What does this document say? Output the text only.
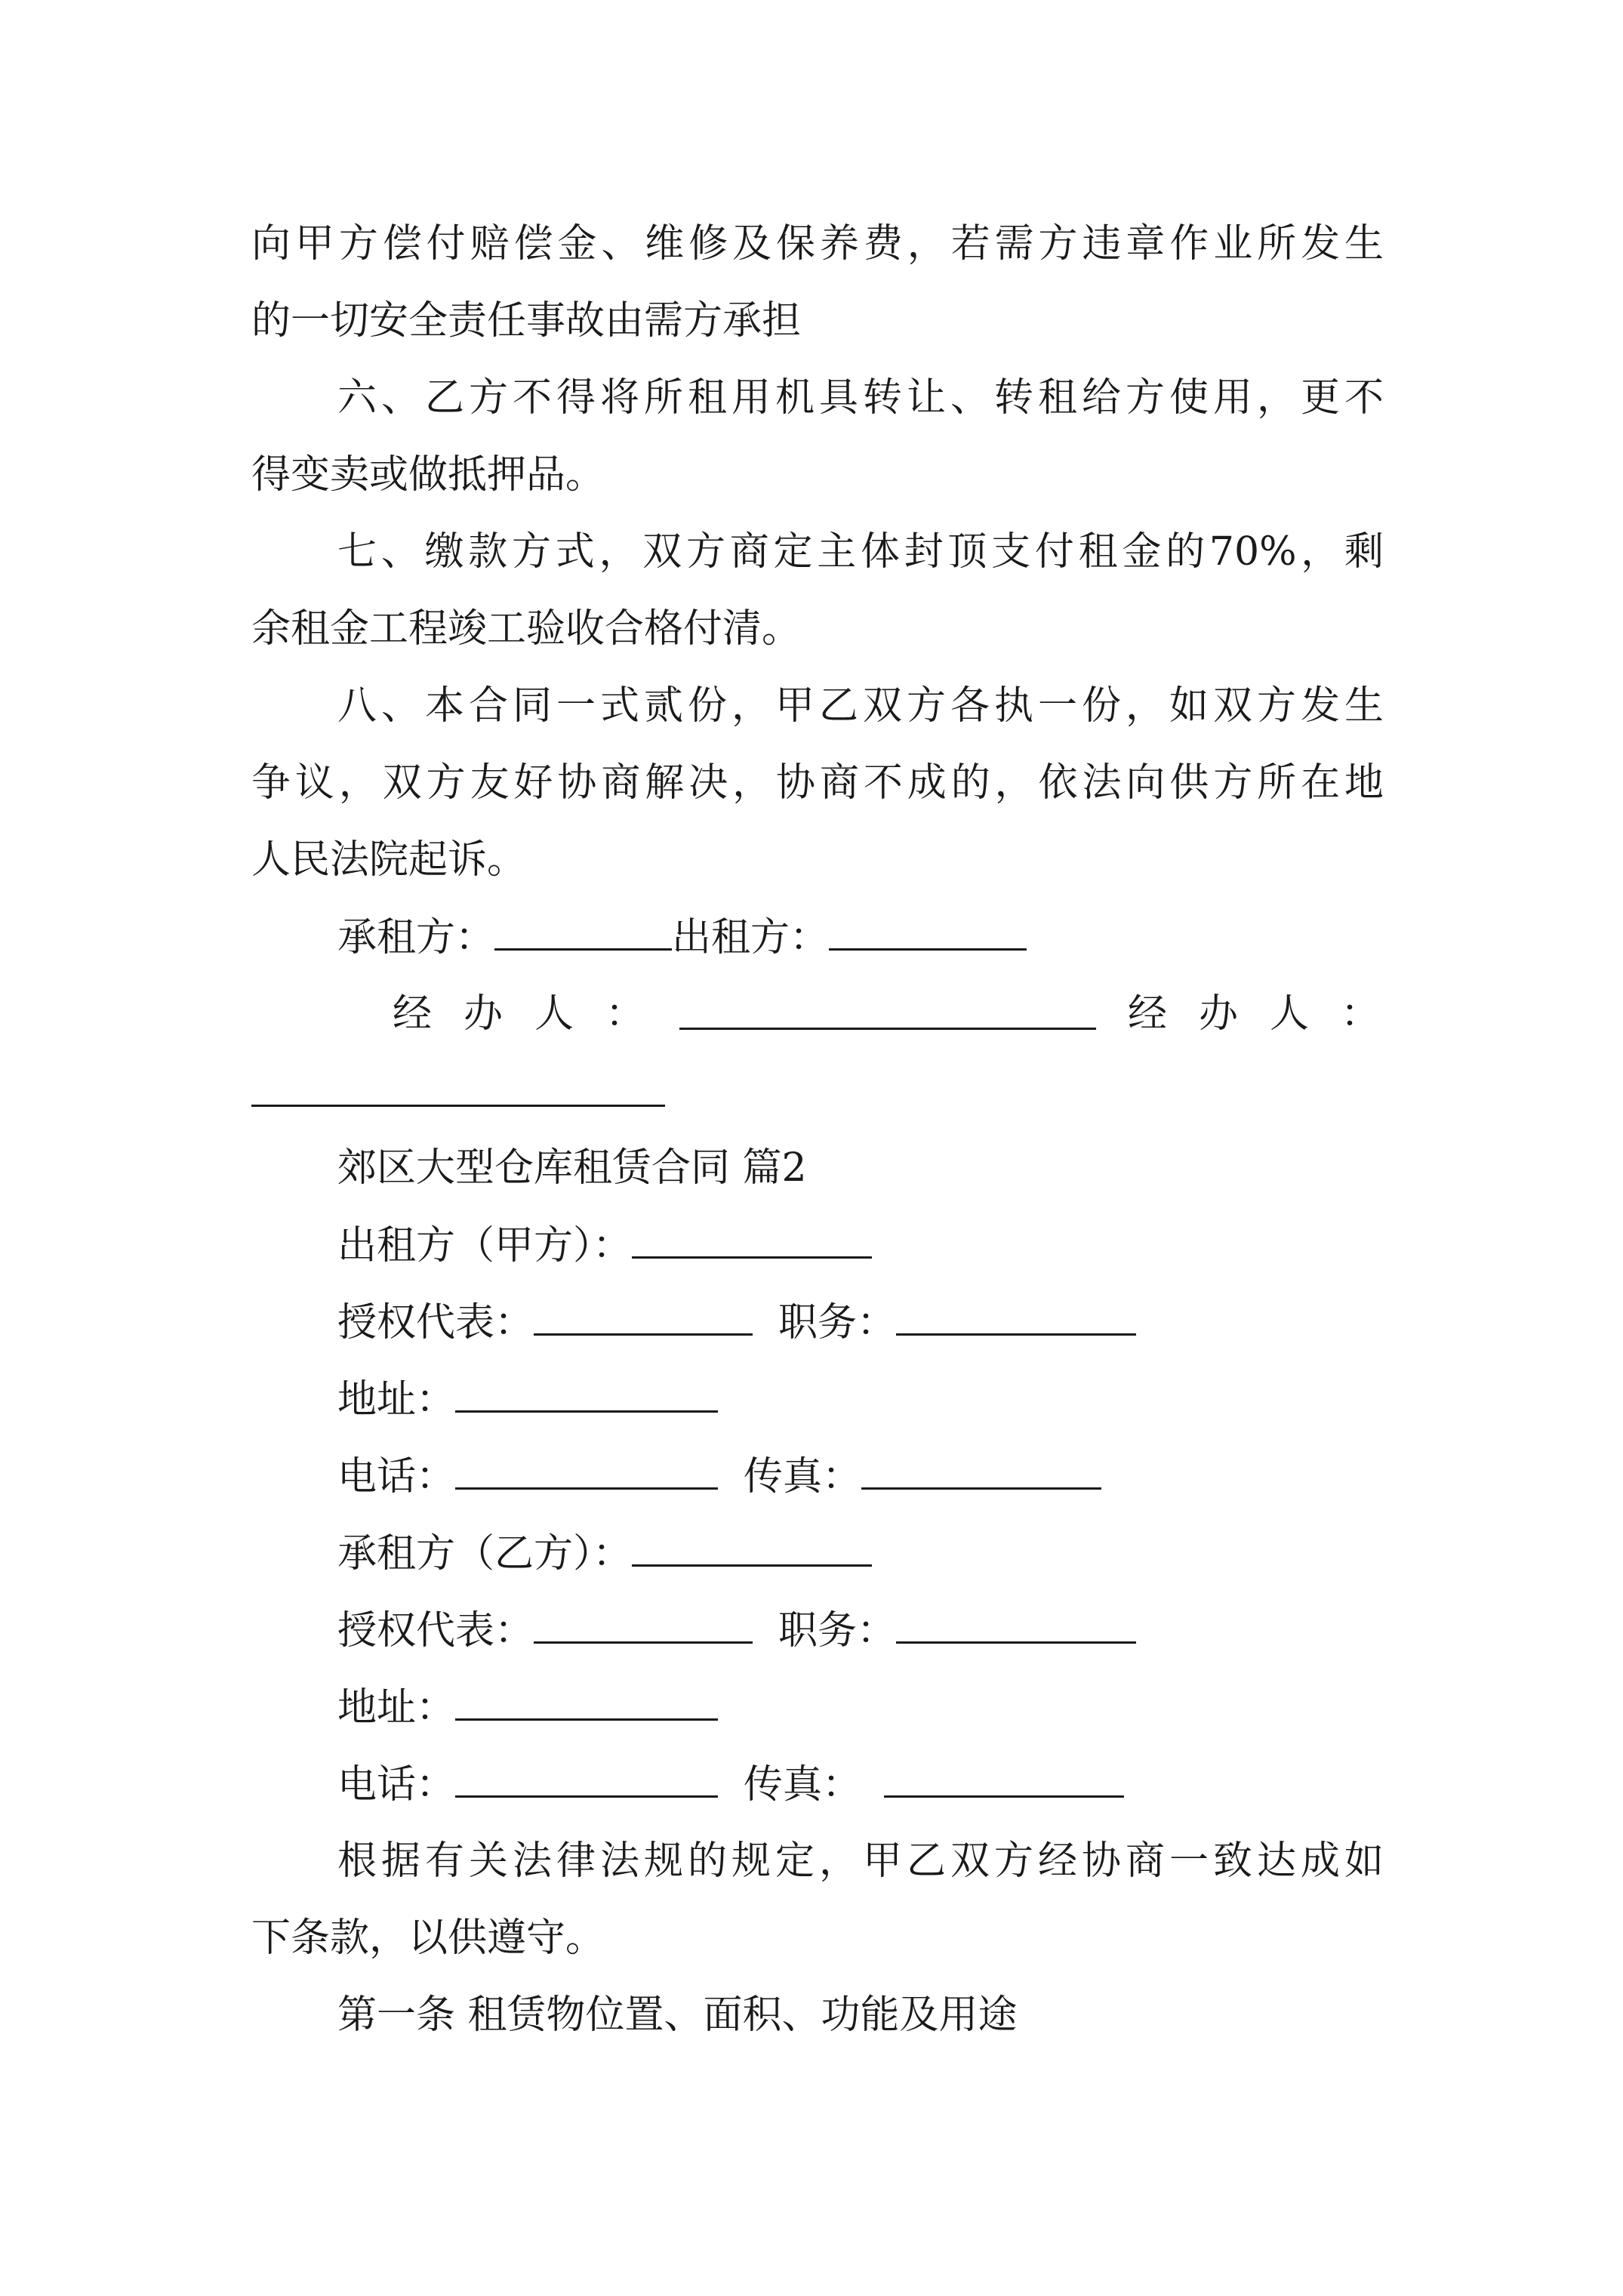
向甲方偿付赔偿金、维修及保养费，若需方违章作业所发生
的一切安全责任事故由需方承担
六、乙方不得将所租用机具转让、转租给方使用，更不
得变卖或做抵押品。
七、缴款方式，双方商定主体封顶支付租金的70%，剩
余租金工程竣工验收合格付清。
八、本合同一式贰份，甲乙双方各执一份，如双方发生
争议，双方友好协商解决，协商不成的，依法向供方所在地
人民法院起诉。
承租方：	出租方：
经办人：	经办人：
郊区大型仓库租赁合同 篇2
出租方（甲方）：
授权代表：	职务：
地址：
电话：	传真：
承租方（乙方）：
授权代表：	职务：
地址：
电话：	传真：
根据有关法律法规的规定，甲乙双方经协商一致达成如
下条款，以供遵守。
第一条 租赁物位置、面积、功能及用途
